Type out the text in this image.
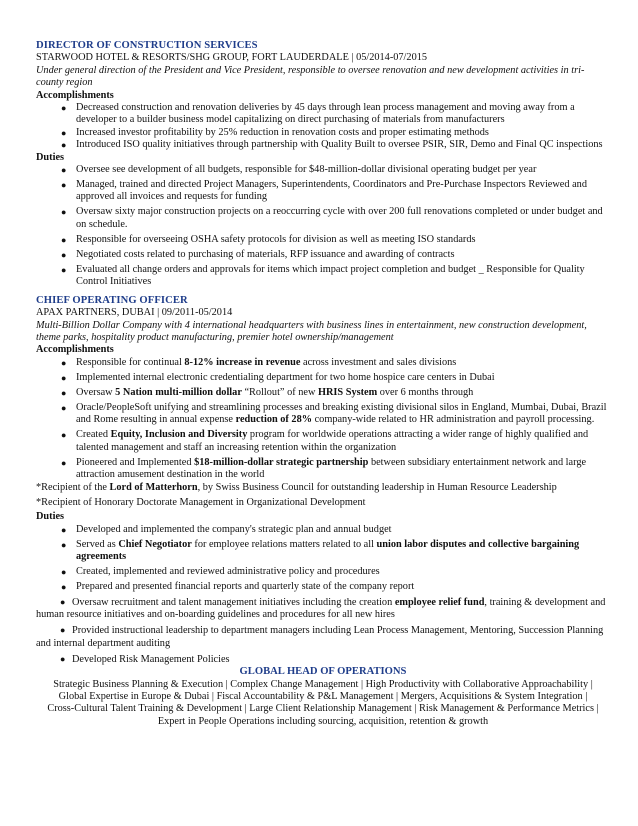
DIRECTOR OF CONSTRUCTION SERVICES
STARWOOD HOTEL & RESORTS/SHG GROUP, FORT LAUDERDALE | 05/2014-07/2015
Under general direction of the President and Vice President, responsible to oversee renovation and new development activities in tri-county region
Accomplishments
● Decreased construction and renovation deliveries by 45 days through lean process management and moving away from a developer to a builder business model capitalizing on direct purchasing of materials from manufacturers
● Increased investor profitability by 25% reduction in renovation costs and proper estimating methods
● Introduced ISO quality initiatives through partnership with Quality Built to oversee PSIR, SIR, Demo and Final QC inspections
Duties
● Oversee see development of all budgets, responsible for $48-million-dollar divisional operating budget per year
● Managed, trained and directed Project Managers, Superintendents, Coordinators and Pre-Purchase Inspectors Reviewed and approved all invoices and requests for funding
● Oversaw sixty major construction projects on a reoccurring cycle with over 200 full renovations completed or under budget and on schedule.
● Responsible for overseeing OSHA safety protocols for division as well as meeting ISO standards
● Negotiated costs related to purchasing of materials, RFP issuance and awarding of contracts
● Evaluated all change orders and approvals for items which impact project completion and budget _ Responsible for Quality Control Initiatives
CHIEF OPERATING OFFICER
APAX PARTNERS, DUBAI | 09/2011-05/2014
Multi-Billion Dollar Company with 4 international headquarters with business lines in entertainment, new construction development, theme parks, hospitality product manufacturing, premier hotel ownership/management
Accomplishments
● Responsible for continual 8-12% increase in revenue across investment and sales divisions
● Implemented internal electronic credentialing department for two home hospice care centers in Dubai
● Oversaw 5 Nation multi-million dollar “Rollout” of new HRIS System over 6 months through
● Oracle/PeopleSoft unifying and streamlining processes and breaking existing divisional silos in England, Mumbai, Dubai, Brazil and Rome resulting in annual expense reduction of 28% company-wide related to HR administration and payroll processing.
● Created Equity, Inclusion and Diversity program for worldwide operations attracting a wider range of highly qualified and talented management and staff an increasing retention within the organization
● Pioneered and Implemented $18-million-dollar strategic partnership between subsidiary entertainment network and large attraction amusement destination in the world
*Recipient of the Lord of Matterhorn, by Swiss Business Council for outstanding leadership in Human Resource Leadership
*Recipient of Honorary Doctorate Management in Organizational Development
Duties
● Developed and implemented the company's strategic plan and annual budget
● Served as Chief Negotiator for employee relations matters related to all union labor disputes and collective bargaining agreements
● Created, implemented and reviewed administrative policy and procedures
● Prepared and presented financial reports and quarterly state of the company report
● Oversaw recruitment and talent management initiatives including the creation employee relief fund, training & development and human resource initiatives and on-boarding guidelines and procedures for all new hires
● Provided instructional leadership to department managers including Lean Process Management, Mentoring, Succession Planning and internal department auditing
● Developed Risk Management Policies
GLOBAL HEAD OF OPERATIONS
Strategic Business Planning & Execution | Complex Change Management | High Productivity with Collaborative Approachability |
Global Expertise in Europe & Dubai | Fiscal Accountability & P&L Management | Mergers, Acquisitions & System Integration |
Cross-Cultural Talent Training & Development | Large Client Relationship Management | Risk Management & Performance Metrics |
Expert in People Operations including sourcing, acquisition, retention & growth
